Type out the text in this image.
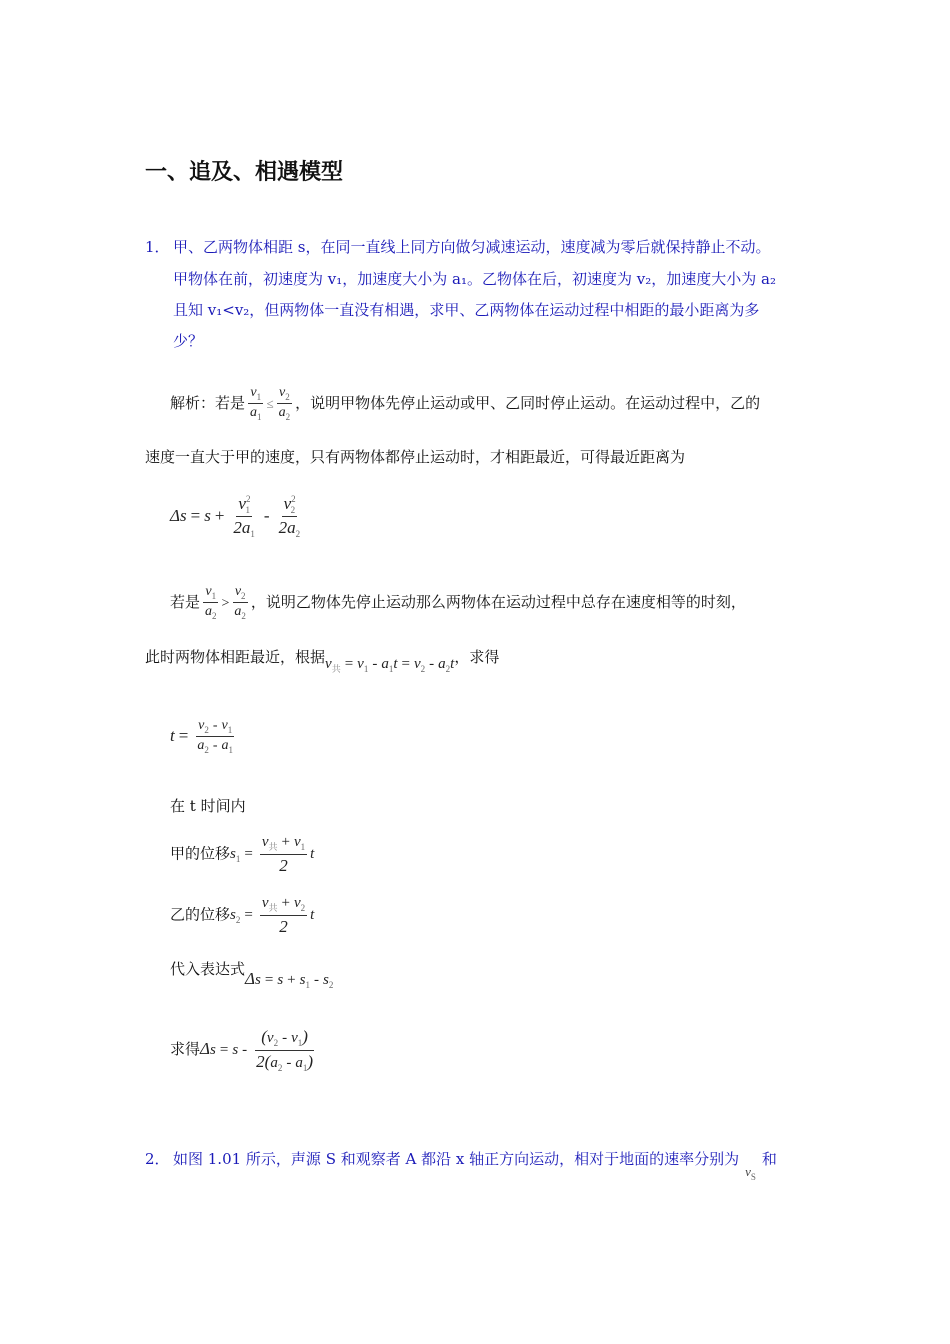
一、追及、相遇模型
1． 甲、乙两物体相距 s，在同一直线上同方向做匀减速运动，速度减为零后就保持静止不动。
甲物体在前，初速度为 v₁，加速度大小为 a₁。乙物体在后，初速度为 v₂，加速度大小为 a₂
且知 v₁<v₂，但两物体一直没有相遇，求甲、乙两物体在运动过程中相距的最小距离为多
少？
解析：若是 $\frac{v_1}{a_1} \le \frac{v_2}{a_2}$ ，说明甲物体先停止运动或甲、乙同时停止运动。在运动过程中，乙的
速度一直大于甲的速度，只有两物体都停止运动时，才相距最近，可得最近距离为
$\Delta s = s + \frac{v^2_1}{2a_1} - \frac{v^2_2}{2a_2}$
若是 $\frac{v_1}{a_2} > \frac{v_2}{a_2}$ ，说明乙物体先停止运动那么两物体在运动过程中总存在速度相等的时刻，
此时两物体相距最近，根据$v_共 = v_1 - a_1t = v_2 - a_2t$，求得
$t = \frac{v_2 - v_1}{a_2 - a_1}$
在 t 时间内
甲的位移$s_1 = \frac{v_共 + v_1}{2}$ t
乙的位移$s_2 = \frac{v_共 + v_2}{2}$ t
代入表达式$\Delta s = s + s_1 - s_2$
求得$\Delta s = s - \frac{(v_2 - v_1)}{2(a_2 - a_1)}$
2． 如图 1.01 所示，声源 S 和观察者 A 都沿 x 轴正方向运动，相对于地面的速率分别为$v_S$和
